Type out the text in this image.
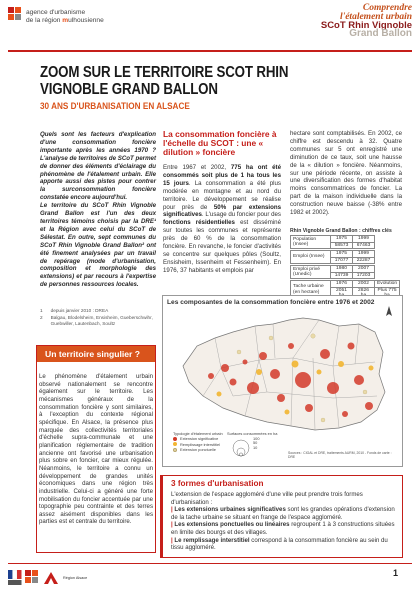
agence d'urbanisme
de la région mulhousienne
Comprendre
l'étalement urbain
SCoT Rhin Vignoble
Grand Ballon
ZOOM SUR LE TERRITOIRE SCOT RHIN
VIGNOBLE GRAND BALLON
30 ANS D'URBANISATION EN ALSACE

Quels sont les facteurs d'explication d'une consommation foncière importante après les années 1970 ? L'analyse de territoires de SCoT permet de donner des éléments d'éclairage du phénomène de l'étalement urbain. Elle apporte aussi des pistes pour contrer la surconsommation foncière constatée encore aujourd'hui.

Le territoire du SCoT Rhin Vignoble Grand Ballon est l'un des deux territoires témoins choisis par la DRE¹ et la Région avec celui du SCoT de Sélestat. En outre, sept communes du SCoT Rhin Vignoble Grand Ballon² ont été finement analysées par un travail de repérage (mode d'urbanisation, composition et morphologie des extensions) et par recours à l'expertise de personnes ressources locales.

1 depuis janvier 2010 : DREA
2 Balgau, Blodelsheim, Ensisheim, Gueberschwihr, Guebwiller, Lautenbach, Soultz
Un territoire singulier ?
Le phénomène d'étalement urbain observé nationalement se rencontre également sur le territoire. Les mécanismes généraux de la consommation foncière y sont similaires, à l'exception du contexte régional spécifique. En Alsace, la présence plus marquée des collectivités territoriales d'échelle supra-communale et une planification réglementaire de tradition ancienne ont favorisé une urbanisation plus sobre en foncier, car mieux régulée. Néanmoins, le territoire a connu un développement de grandes unités économiques dans une région très industrielle. Celui-ci a généré une forte mobilisation du foncier accentuée par une topographie peu contrainte et des terres assez aisément disponibles dans les parties est et centrale du territoire.
La consommation foncière à l'échelle du SCOT : une « dilution » foncière
Entre 1967 et 2002, 775 ha ont été consommés soit plus de 1 ha tous les 15 jours. La consommation a été plus modérée en montagne et au nord du territoire. Le développement se réalise pour près de 50% par extensions significatives. L'usage du foncier pour des fonctions résidentielles est disséminé sur toutes les communes et représente près de 60 % de la consommation foncière. En revanche, le foncier d'activités se concentre sur quelques pôles (Soultz, Ensisheim, Issenheim et Fessenheim). En 1976, 37 habitants et emplois par
hectare sont comptabilisés. En 2002, ce chiffre est descendu à 32. Quatre communes sur 5 ont enregistré une diminution de ce taux, soit une hausse de la « dilution » foncière. Néanmoins, sur une période récente, on assiste à une diversification des formes d'habitat moins consommatrices de foncier. La part de la maison individuelle dans la construction neuve baisse (-38% entre 1982 et 2002).
Rhin Vignoble Grand Ballon : chiffres clés
Population (Insee)	1975	1999
	58573	67463
Emploi (Insee)	1975	1999
	17077	22287
Emploi privé (Unedic)	1980	2007
	14739	17203
Tache urbaine (en hectare)	1976	2002	Evolution
	2051	2826	Plus 775
Les composantes de la consommation foncière entre 1976 et 2002
Typologie d'étalement urbain
Extension significative
Remplissage interstitiel
Extension ponctuelle
Surfaces consommées en ha
100
50
10
Sources : CIGAL et DRE, traitements AURM, 2010 - Fonds de carte : DRE
3 formes d'urbanisation
L'extension de l'espace aggloméré d'une ville peut prendre trois formes d'urbanisation :
| Les extensions urbaines significatives sont les grandes opérations d'extension de la tache urbaine se situant en frange de l'espace aggloméré.
| Les extensions ponctuelles ou linéaires regroupent 1 à 3 constructions situées en limite des bourgs et des villages.
| Le remplissage interstitiel correspond à la consommation foncière au sein du tissu aggloméré.
Région Alsace	1
